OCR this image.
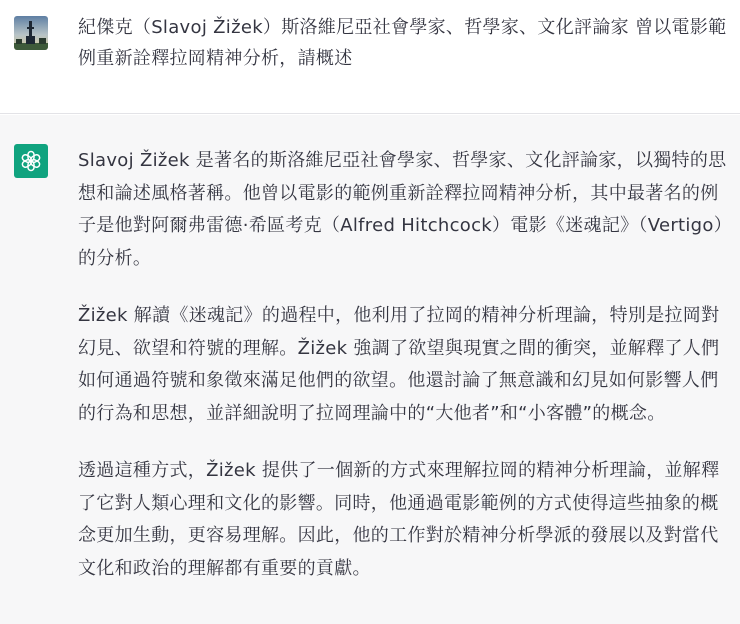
紀傑克（Slavoj Žižek）斯洛維尼亞社會學家、哲學家、文化評論家 曾以電影範例重新詮釋拉岡精神分析，請概述

Slavoj Žižek 是著名的斯洛維尼亞社會學家、哲學家、文化評論家，以獨特的思想和論述風格著稱。他曾以電影的範例重新詮釋拉岡精神分析，其中最著名的例子是他對阿爾弗雷德·希區考克（Alfred Hitchcock）電影《迷魂記》（Vertigo）的分析。

Žižek 解讀《迷魂記》的過程中，他利用了拉岡的精神分析理論，特別是拉岡對幻見、欲望和符號的理解。Žižek 強調了欲望與現實之間的衝突，並解釋了人們如何通過符號和象徵來滿足他們的欲望。他還討論了無意識和幻見如何影響人們的行為和思想，並詳細說明了拉岡理論中的“大他者”和“小客體”的概念。

透過這種方式，Žižek 提供了一個新的方式來理解拉岡的精神分析理論，並解釋了它對人類心理和文化的影響。同時，他通過電影範例的方式使得這些抽象的概念更加生動，更容易理解。因此，他的工作對於精神分析學派的發展以及對當代文化和政治的理解都有重要的貢獻。
